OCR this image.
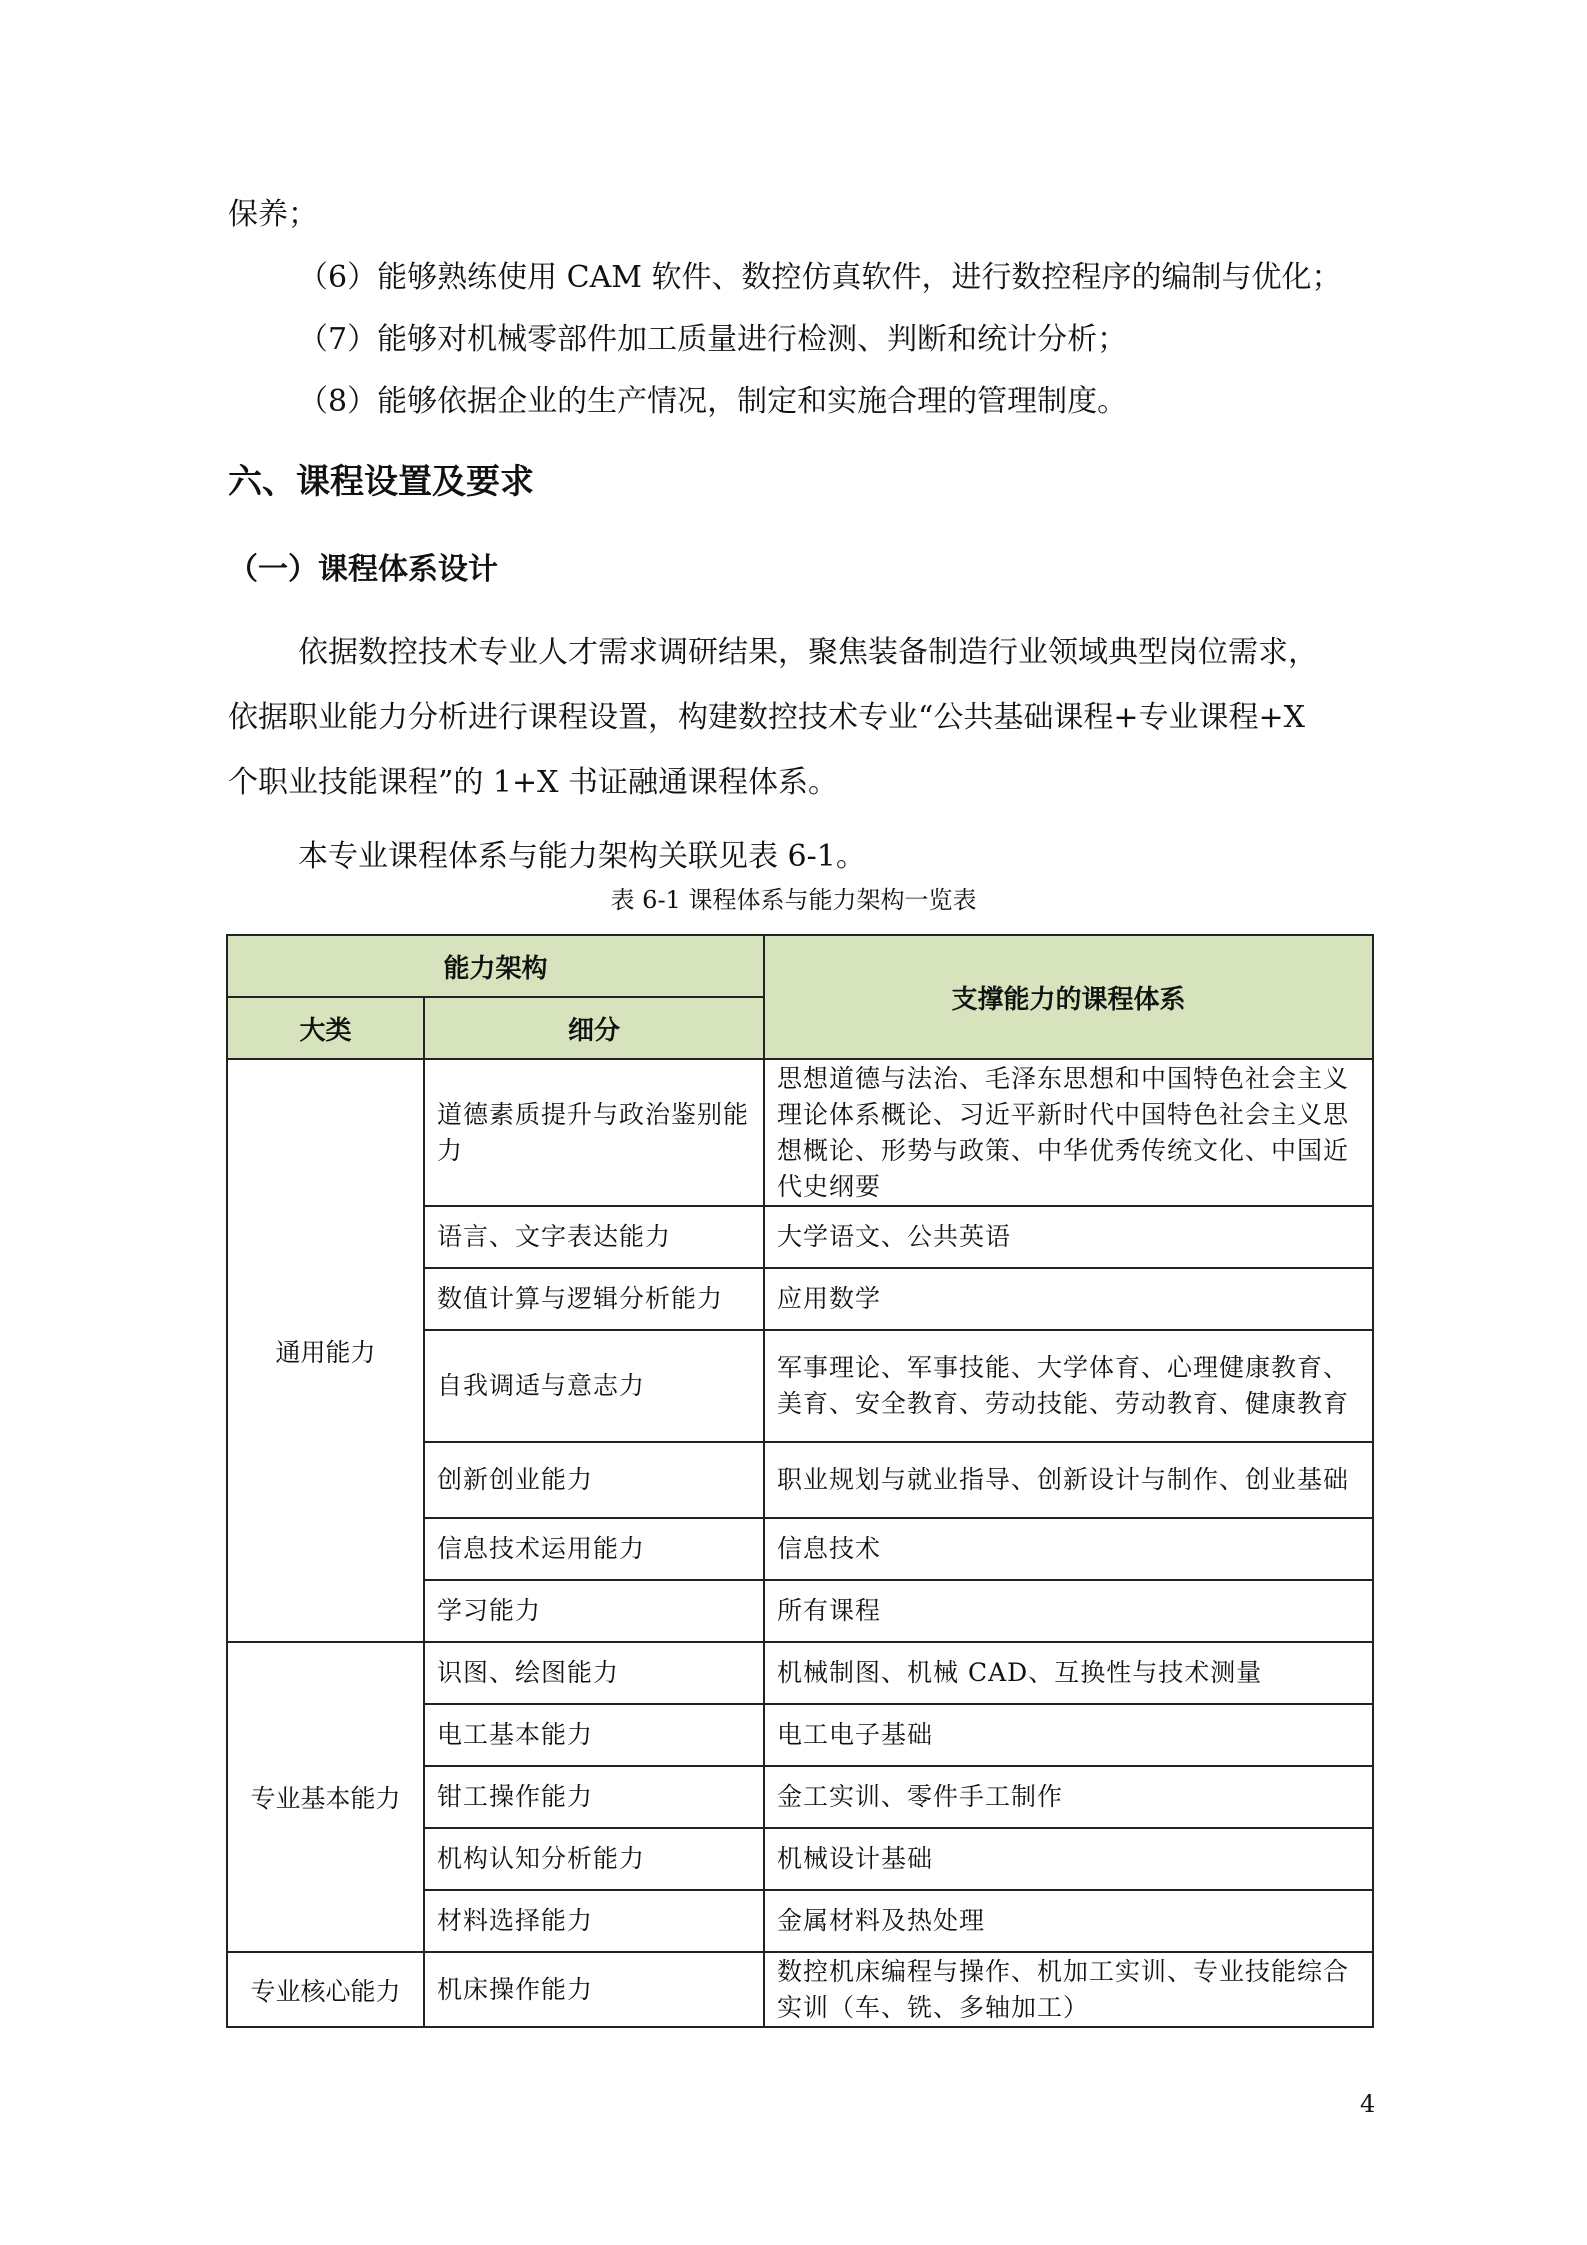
保养；
（6）能够熟练使用 CAM 软件、数控仿真软件，进行数控程序的编制与优化；
（7）能够对机械零部件加工质量进行检测、判断和统计分析；
（8）能够依据企业的生产情况，制定和实施合理的管理制度。
六、课程设置及要求
（一）课程体系设计
依据数控技术专业人才需求调研结果，聚焦装备制造行业领域典型岗位需求，
依据职业能力分析进行课程设置，构建数控技术专业“公共基础课程+专业课程+X
个职业技能课程”的 1+X 书证融通课程体系。
本专业课程体系与能力架构关联见表 6-1。
表 6-1 课程体系与能力架构一览表
能力架构		支撑能力的课程体系
大类	细分	
通用能力	道德素质提升与政治鉴别能力	思想道德与法治、毛泽东思想和中国特色社会主义理论体系概论、习近平新时代中国特色社会主义思想概论、形势与政策、中华优秀传统文化、中国近代史纲要
	语言、文字表达能力	大学语文、公共英语
	数值计算与逻辑分析能力	应用数学
	自我调适与意志力	军事理论、军事技能、大学体育、心理健康教育、美育、安全教育、劳动技能、劳动教育、健康教育
	创新创业能力	职业规划与就业指导、创新设计与制作、创业基础
	信息技术运用能力	信息技术
	学习能力	所有课程
专业基本能力	识图、绘图能力	机械制图、机械 CAD、互换性与技术测量
	电工基本能力	电工电子基础
	钳工操作能力	金工实训、零件手工制作
	机构认知分析能力	机械设计基础
	材料选择能力	金属材料及热处理
专业核心能力	机床操作能力	数控机床编程与操作、机加工实训、专业技能综合实训（车、铣、多轴加工）
4
